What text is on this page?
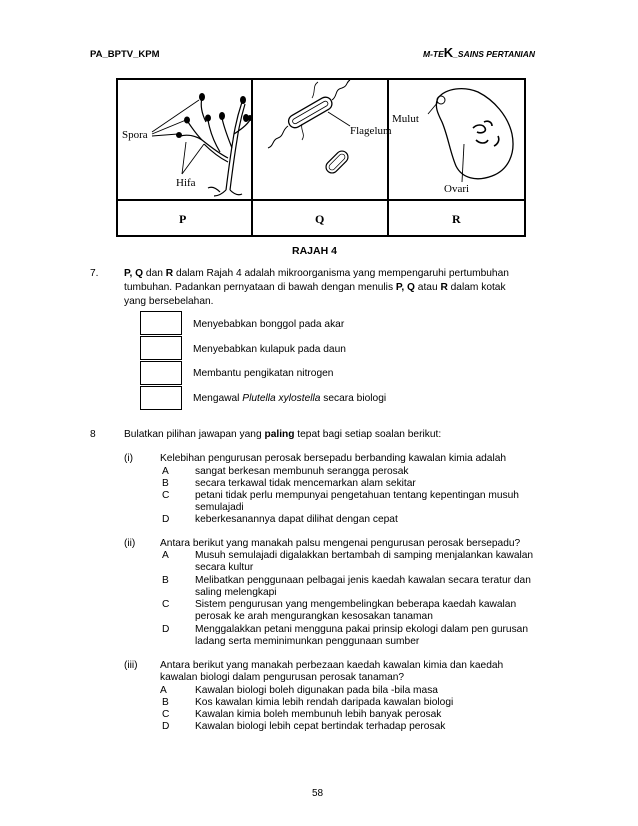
PA_BPTV_KPM	M-TEK_SAINS PERTANIAN
Spora
Hifa
Flagelum
Mulut
Ovari
P	Q	R
RAJAH 4
7.	P, Q dan R dalam Rajah 4 adalah mikroorganisma yang mempengaruhi pertumbuhan
tumbuhan. Padankan pernyataan di bawah dengan menulis P, Q atau R dalam kotak
yang bersebelahan.
Menyebabkan bonggol pada akar
Menyebabkan kulapuk pada daun
Membantu pengikatan nitrogen
Mengawal Plutella xylostella secara biologi
8	Bulatkan pilihan jawapan yang paling tepat bagi setiap soalan berikut:
(i)	Kelebihan pengurusan perosak bersepadu berbanding kawalan kimia adalah
A	sangat berkesan membunuh serangga perosak
B	secara terkawal tidak mencemarkan alam sekitar
C	petani tidak perlu mempunyai pengetahuan tentang kepentingan musuh
semulajadi
D	keberkesanannya dapat dilihat dengan cepat
(ii) Antara berikut yang manakah palsu mengenai pengurusan perosak bersepadu?
A	Musuh semulajadi digalakkan bertambah di samping menjalankan kawalan
secara kultur
B	Melibatkan penggunaan pelbagai jenis kaedah kawalan secara teratur dan
saling melengkapi
C	Sistem pengurusan yang mengembelingkan beberapa kaedah kawalan
perosak ke arah mengurangkan kesosakan tanaman
D	Menggalakkan petani mengguna pakai prinsip ekologi dalam pen gurusan
ladang serta meminimunkan penggunaan sumber
(iii) Antara berikut yang manakah perbezaan kaedah kawalan kimia dan kaedah
kawalan biologi dalam pengurusan perosak tanaman?
A	Kawalan biologi boleh digunakan pada bila -bila masa
B	Kos kawalan kimia lebih rendah daripada kawalan biologi
C	Kawalan kimia boleh membunuh lebih banyak perosak
D	Kawalan biologi lebih cepat bertindak terhadap perosak
58
